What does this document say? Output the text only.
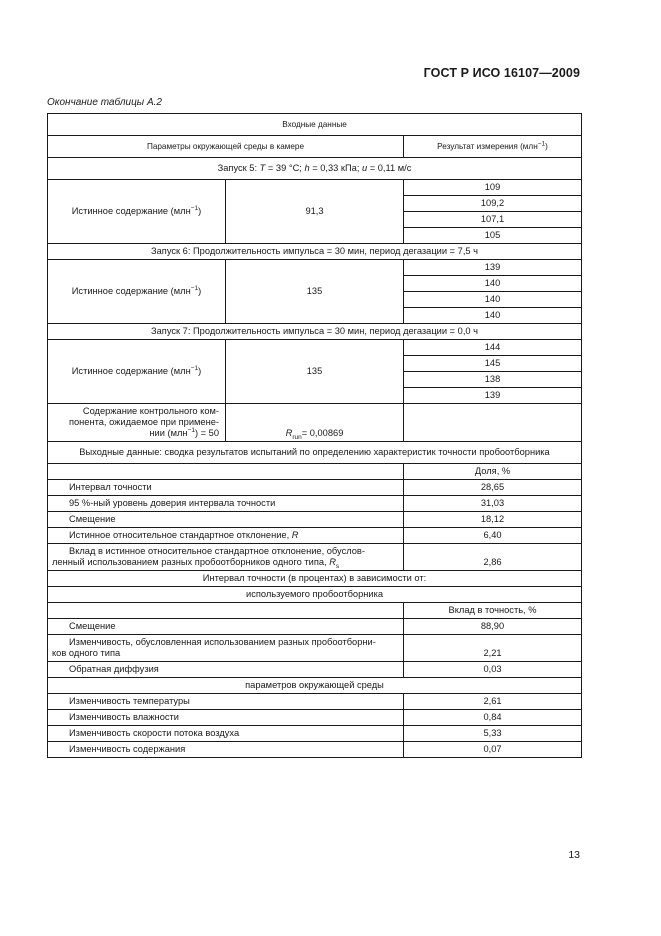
ГОСТ Р ИСО 16107—2009
Окончание таблицы А.2
Входные данные		
Параметры окружающей среды в камере		Результат измерения (млн$^{-1}$)
Запуск 5: T = 39 °C; h = 0,33 кПа; u = 0,11 м/с		
Истинное содержание (млн$^{-1}$)	91,3	109
		109,2
		107,1
		105
Запуск 6: Продолжительность импульса = 30 мин, период дегазации = 7,5 ч		
Истинное содержание (млн$^{-1}$)	135	139
		140
		140
		140
Запуск 7: Продолжительность импульса = 30 мин, период дегазации = 0,0 ч		
Истинное содержание (млн$^{-1}$)	135	144
		145
		138
		139

Содержание контрольного ком-
понента, ожидаемое при примене-
нии (млн$^{-1}$) = 50	$R_{run}= 0,00869$	
Выходные данные: сводка результатов испытаний по определению характеристик точности пробоотборника		
		Доля, %
Интервал точности		28,65
95 %-ный уровень доверия интервала точности		31,03
Смещение		18,12
Истинное относительное стандартное отклонение, R		6,40

Вклад в истинное относительное стандартное отклонение, обуслов-
ленный использованием разных пробоотборников одного типа, $R_s$		2,86
Интервал точности (в процентах) в зависимости от:		
используемого пробоотборника		
		Вклад в точность, %
Смещение		88,90

Изменчивость, обусловленная использованием разных пробоотборни-
ков одного типа		2,21
Обратная диффузия		0,03
параметров окружающей среды		
Изменчивость температуры		2,61
Изменчивость влажности		0,84
Изменчивость скорости потока воздуха		5,33
Изменчивость содержания		0,07
13
